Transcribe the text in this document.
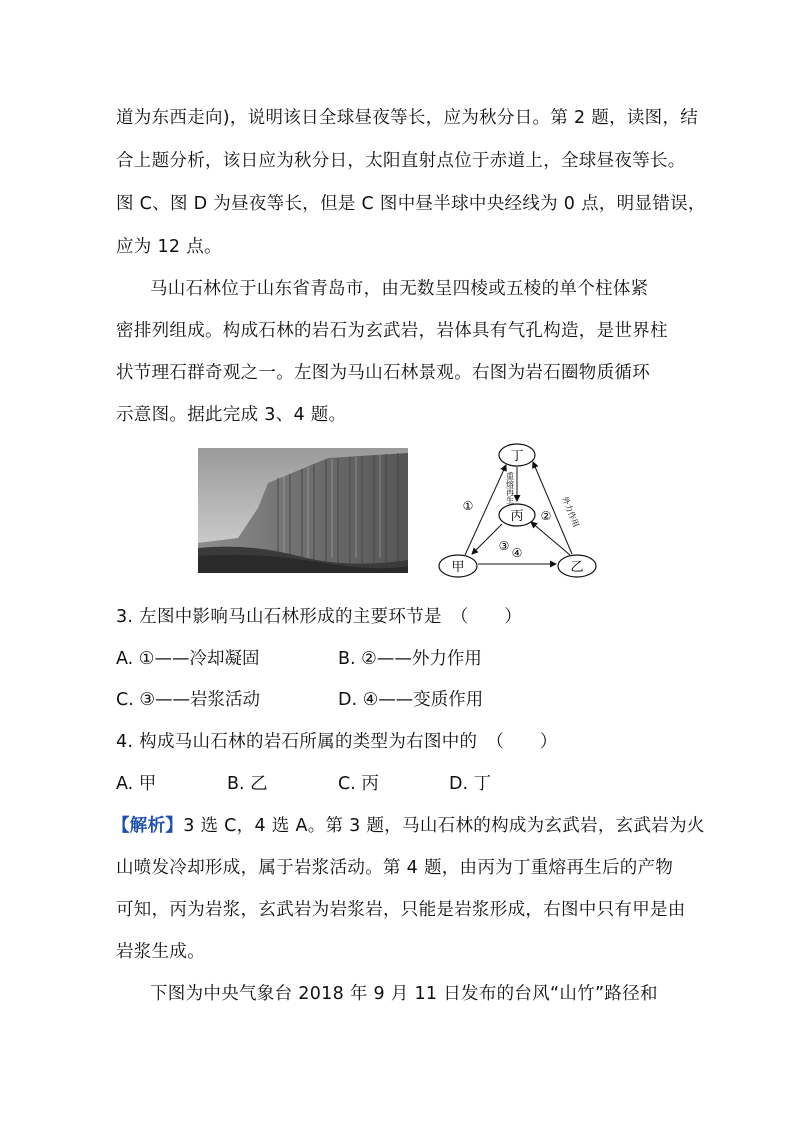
道为东西走向)，说明该日全球昼夜等长，应为秋分日。第 2 题，读图，结
合上题分析，该日应为秋分日，太阳直射点位于赤道上，全球昼夜等长。
图 C、图 D 为昼夜等长，但是 C 图中昼半球中央经线为 0 点，明显错误，
应为 12 点。
马山石林位于山东省青岛市，由无数呈四棱或五棱的单个柱体紧
密排列组成。构成石林的岩石为玄武岩，岩体具有气孔构造，是世界柱
状节理石群奇观之一。左图为马山石林景观。右图为岩石圈物质循环
示意图。据此完成 3、4 题。
丁
丙
甲	乙
①
②
③ ④
重熔再生
外力作用
3. 左图中影响马山石林形成的主要环节是　（　　）
A. ①——冷却凝固	B. ②——外力作用
C. ③——岩浆活动	D. ④——变质作用
4. 构成马山石林的岩石所属的类型为右图中的　（　　）
A. 甲	B. 乙	C. 丙	D. 丁
【解析】3 选 C，4 选 A。第 3 题，马山石林的构成为玄武岩，玄武岩为火
山喷发冷却形成，属于岩浆活动。第 4 题，由丙为丁重熔再生后的产物
可知，丙为岩浆，玄武岩为岩浆岩，只能是岩浆形成，右图中只有甲是由
岩浆生成。
下图为中央气象台 2018 年 9 月 11 日发布的台风“山竹”路径和
